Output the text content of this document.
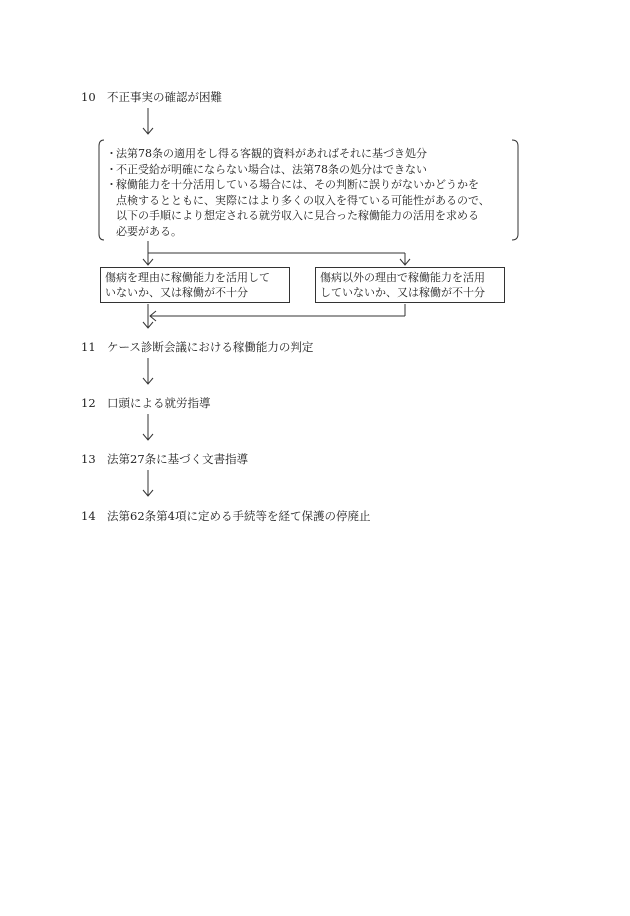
10 不正事実の確認が困難
・ 法第78条の適用をし得る客観的資料があればそれに基づき処分
・ 不正受給が明確にならない場合は、法第78条の処分はできない
・ 稼働能力を十分活用している場合には、その判断に誤りがないかどうかを
点検するとともに、実際にはより多くの収入を得ている可能性があるので、
以下の手順により想定される就労収入に見合った稼働能力の活用を求める
必要がある。
傷病を理由に稼働能力を活用して
いないか、又は稼働が不十分
傷病以外の理由で稼働能力を活用
していないか、又は稼働が不十分
11 ケース診断会議における稼働能力の判定
12 口頭による就労指導
13 法第27条に基づく文書指導
14 法第62条第4項に定める手続等を経て保護の停廃止
